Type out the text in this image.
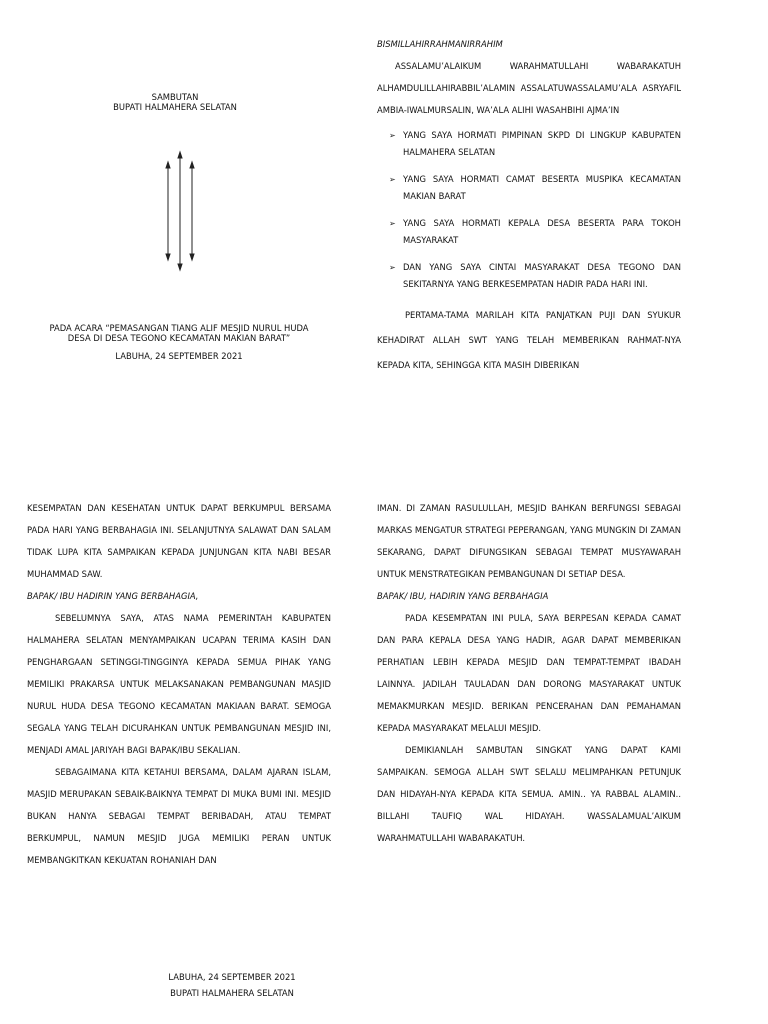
SAMBUTAN
BUPATI HALMAHERA SELATAN
PADA ACARA “PEMASANGAN TIANG ALIF MESJID NURUL HUDA
DESA DI DESA TEGONO KECAMATAN MAKIAN BARAT”
LABUHA, 24 SEPTEMBER 2021

BISMILLAHIRRAHMANIRRAHIM

ASSALAMU’ALAIKUM WARAHMATULLAHI WABARAKATUH ALHAMDULILLAHIRABBIL’ALAMIN ASSALATUWASSALAMU’ALA ASRYAFIL AMBIA-IWALMURSALIN, WA’ALA ALIHI WASAHBIHI AJMA’IN

➢ YANG SAYA HORMATI PIMPINAN SKPD DI LINGKUP KABUPATEN HALMAHERA SELATAN
➢ YANG SAYA HORMATI CAMAT BESERTA MUSPIKA KECAMATAN MAKIAN BARAT
➢ YANG SAYA HORMATI KEPALA DESA BESERTA PARA TOKOH MASYARAKAT
➢ DAN YANG SAYA CINTAI MASYARAKAT DESA TEGONO DAN SEKITARNYA YANG BERKESEMPATAN HADIR PADA HARI INI.

PERTAMA-TAMA MARILAH KITA PANJATKAN PUJI DAN SYUKUR KEHADIRAT ALLAH SWT YANG TELAH MEMBERIKAN RAHMAT-NYA KEPADA KITA, SEHINGGA KITA MASIH DIBERIKAN

KESEMPATAN DAN KESEHATAN UNTUK DAPAT BERKUMPUL BERSAMA PADA HARI YANG BERBAHAGIA INI. SELANJUTNYA SALAWAT DAN SALAM TIDAK LUPA KITA SAMPAIKAN KEPADA JUNJUNGAN KITA NABI BESAR MUHAMMAD SAW.

BAPAK/ IBU HADIRIN YANG BERBAHAGIA,

SEBELUMNYA SAYA, ATAS NAMA PEMERINTAH KABUPATEN HALMAHERA SELATAN MENYAMPAIKAN UCAPAN TERIMA KASIH DAN PENGHARGAAN SETINGGI-TINGGINYA KEPADA SEMUA PIHAK YANG MEMILIKI PRAKARSA UNTUK MELAKSANAKAN PEMBANGUNAN MASJID NURUL HUDA DESA TEGONO KECAMATAN MAKIAAN BARAT. SEMOGA SEGALA YANG TELAH DICURAHKAN UNTUK PEMBANGUNAN MESJID INI, MENJADI AMAL JARIYAH BAGI BAPAK/IBU SEKALIAN.

SEBAGAIMANA KITA KETAHUI BERSAMA, DALAM AJARAN ISLAM, MASJID MERUPAKAN SEBAIK-BAIKNYA TEMPAT DI MUKA BUMI INI. MESJID BUKAN HANYA SEBAGAI TEMPAT BERIBADAH, ATAU TEMPAT BERKUMPUL, NAMUN MESJID JUGA MEMILIKI PERAN UNTUK MEMBANGKITKAN KEKUATAN ROHANIAH DAN

IMAN. DI ZAMAN RASULULLAH, MESJID BAHKAN BERFUNGSI SEBAGAI MARKAS MENGATUR STRATEGI PEPERANGAN, YANG MUNGKIN DI ZAMAN SEKARANG, DAPAT DIFUNGSIKAN SEBAGAI TEMPAT MUSYAWARAH UNTUK MENSTRATEGIKAN PEMBANGUNAN DI SETIAP DESA.

BAPAK/ IBU, HADIRIN YANG BERBAHAGIA

PADA KESEMPATAN INI PULA, SAYA BERPESAN KEPADA CAMAT DAN PARA KEPALA DESA YANG HADIR, AGAR DAPAT MEMBERIKAN PERHATIAN LEBIH KEPADA MESJID DAN TEMPAT-TEMPAT IBADAH LAINNYA. JADILAH TAULADAN DAN DORONG MASYARAKAT UNTUK MEMAKMURKAN MESJID. BERIKAN PENCERAHAN DAN PEMAHAMAN KEPADA MASYARAKAT MELALUI MESJID.

DEMIKIANLAH SAMBUTAN SINGKAT YANG DAPAT KAMI SAMPAIKAN. SEMOGA ALLAH SWT SELALU MELIMPAHKAN PETUNJUK DAN HIDAYAH-NYA KEPADA KITA SEMUA. AMIN.. YA RABBAL ALAMIN.. BILLAHI TAUFIQ WAL HIDAYAH. WASSALAMUAL’AIKUM WARAHMATULLAHI WABARAKATUH.

LABUHA, 24 SEPTEMBER 2021
BUPATI HALMAHERA SELATAN
